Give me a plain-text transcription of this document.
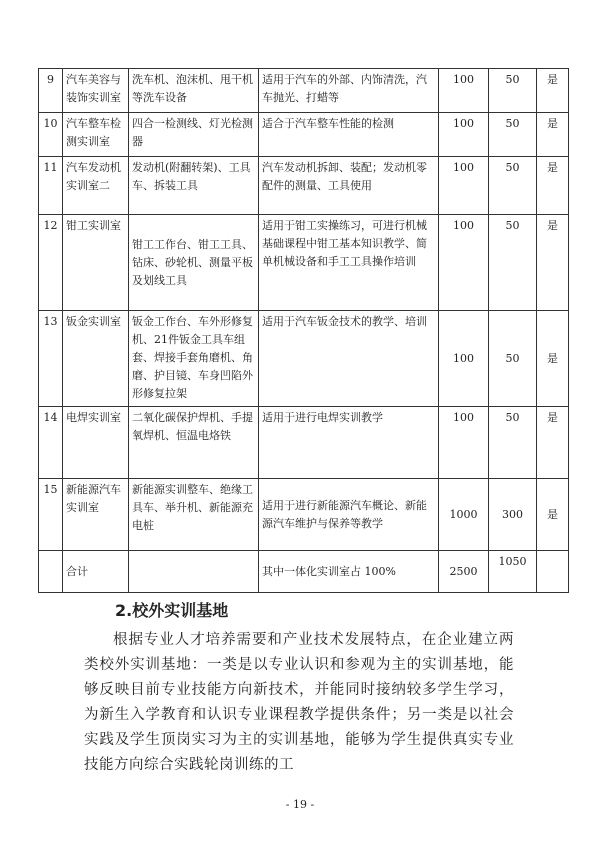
9	汽车美容与装饰实训室	洗车机、泡沫机、甩干机等洗车设备	适用于汽车的外部、内饰清洗，汽车抛光、打蜡等	100	50	是
10	汽车整车检测实训室	四合一检测线、灯光检测器	适合于汽车整车性能的检测	100	50	是
11	汽车发动机实训室二	发动机(附翻转架)、工具车、拆装工具	汽车发动机拆卸、装配；发动机零配件的测量、工具使用	100	50	是
12	钳工实训室	钳工工作台、钳工工具、钻床、砂轮机、测量平板及划线工具	适用于钳工实操练习，可进行机械基础课程中钳工基本知识教学、简单机械设备和手工工具操作培训	100	50	是
13	钣金实训室	钣金工作台、车外形修复机、21件钣金工具车组套、焊接手套角磨机、角磨、护目镜、车身凹陷外形修复拉架	适用于汽车钣金技术的教学、培训	100	50	是
14	电焊实训室	二氧化碳保护焊机、手提氧焊机、恒温电烙铁	适用于进行电焊实训教学	100	50	是
15	新能源汽车实训室	新能源实训整车、绝缘工具车、举升机、新能源充电桩	适用于进行新能源汽车概论、新能源汽车维护与保养等教学	1000	300	是
	合计		其中一体化实训室占 100%	2500	1050	
2.校外实训基地
根据专业人才培养需要和产业技术发展特点，在企业建立两类校外实训基地：一类是以专业认识和参观为主的实训基地，能够反映目前专业技能方向新技术，并能同时接纳较多学生学习，为新生入学教育和认识专业课程教学提供条件；另一类是以社会实践及学生顶岗实习为主的实训基地，能够为学生提供真实专业技能方向综合实践轮岗训练的工
- 19 -
